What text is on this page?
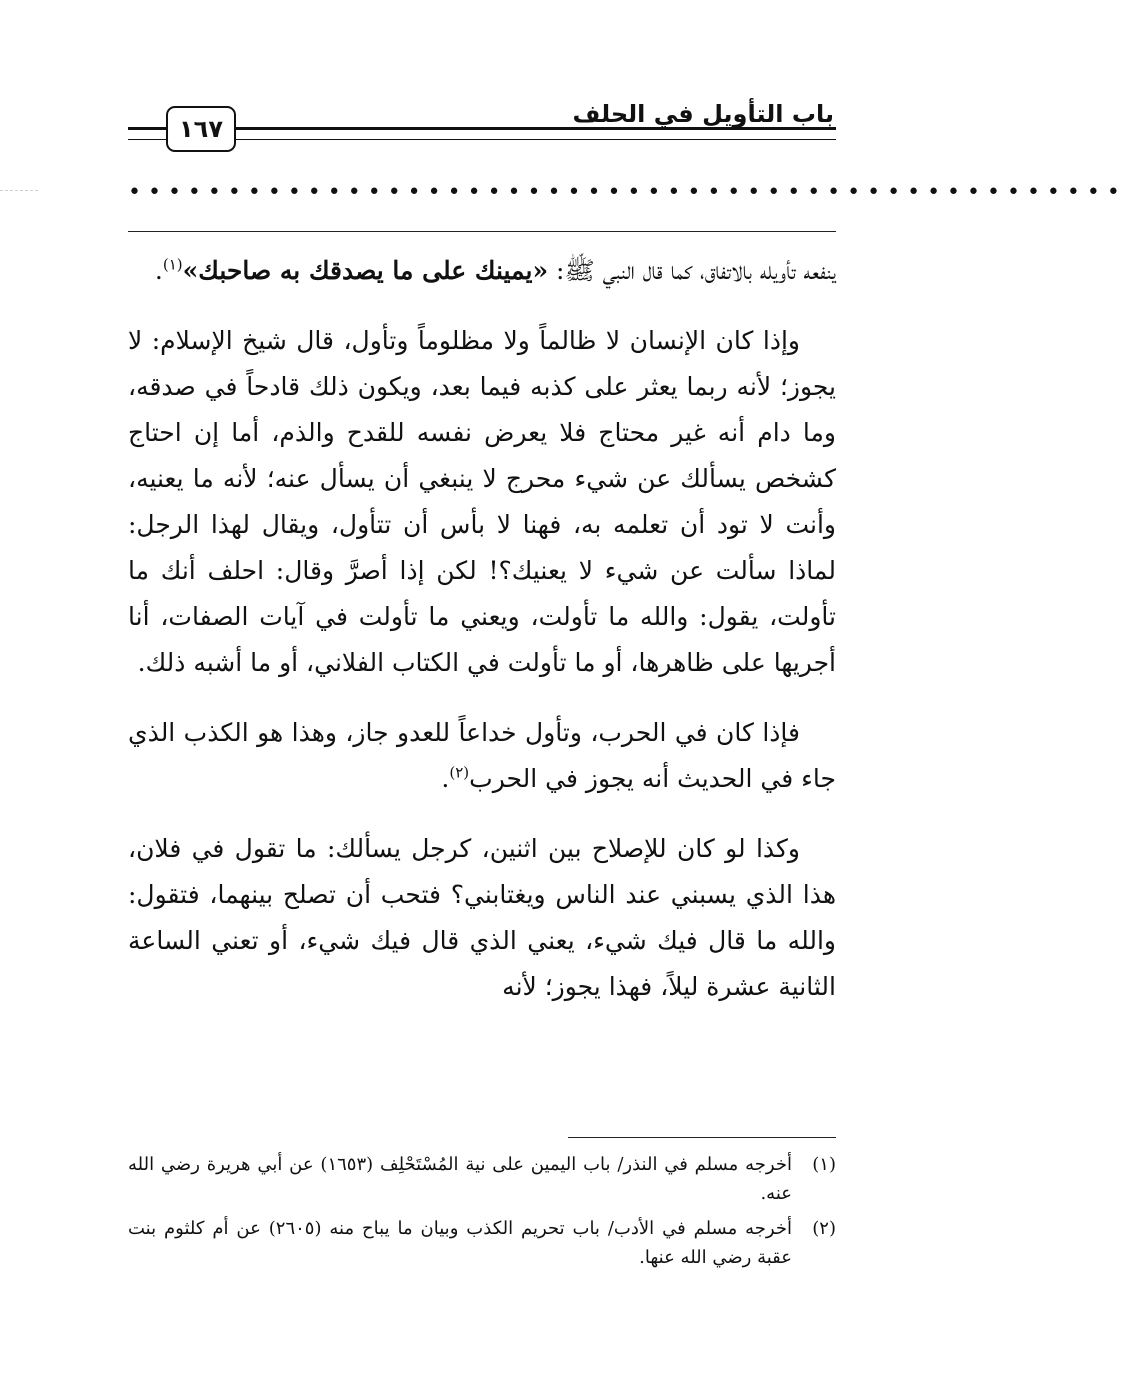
باب التأويل في الحلف
١٦٧
••••••••••••••••••••••••••••••••••••••••••••••••••

ينفعه تأويله بالاتفاق، كما قال النبي ﷺ: «يمينك على ما يصدقك به صاحبك»$^{(١)}$.

وإذا كان الإنسان لا ظالماً ولا مظلوماً وتأول، قال شيخ الإسلام: لا يجوز؛ لأنه ربما يعثر على كذبه فيما بعد، ويكون ذلك قادحاً في صدقه، وما دام أنه غير محتاج فلا يعرض نفسه للقدح والذم، أما إن احتاج كشخص يسألك عن شيء محرج لا ينبغي أن يسأل عنه؛ لأنه ما يعنيه، وأنت لا تود أن تعلمه به، فهنا لا بأس أن تتأول، ويقال لهذا الرجل: لماذا سألت عن شيء لا يعنيك؟! لكن إذا أصرَّ وقال: احلف أنك ما تأولت، يقول: والله ما تأولت، ويعني ما تأولت في آيات الصفات، أنا أجريها على ظاهرها، أو ما تأولت في الكتاب الفلاني، أو ما أشبه ذلك.

فإذا كان في الحرب، وتأول خداعاً للعدو جاز، وهذا هو الكذب الذي جاء في الحديث أنه يجوز في الحرب$^{(٢)}$.

وكذا لو كان للإصلاح بين اثنين، كرجل يسألك: ما تقول في فلان، هذا الذي يسبني عند الناس ويغتابني؟ فتحب أن تصلح بينهما، فتقول: والله ما قال فيك شيء، يعني الذي قال فيك شيء، أو تعني الساعة الثانية عشرة ليلاً، فهذا يجوز؛ لأنه

(١)
أخرجه مسلم في النذر/ باب اليمين على نية المُسْتَحْلِف (١٦٥٣) عن أبي هريرة رضي الله عنه.
(٢)
أخرجه مسلم في الأدب/ باب تحريم الكذب وبيان ما يباح منه (٢٦٠٥) عن أم كلثوم بنت عقبة رضي الله عنها.
